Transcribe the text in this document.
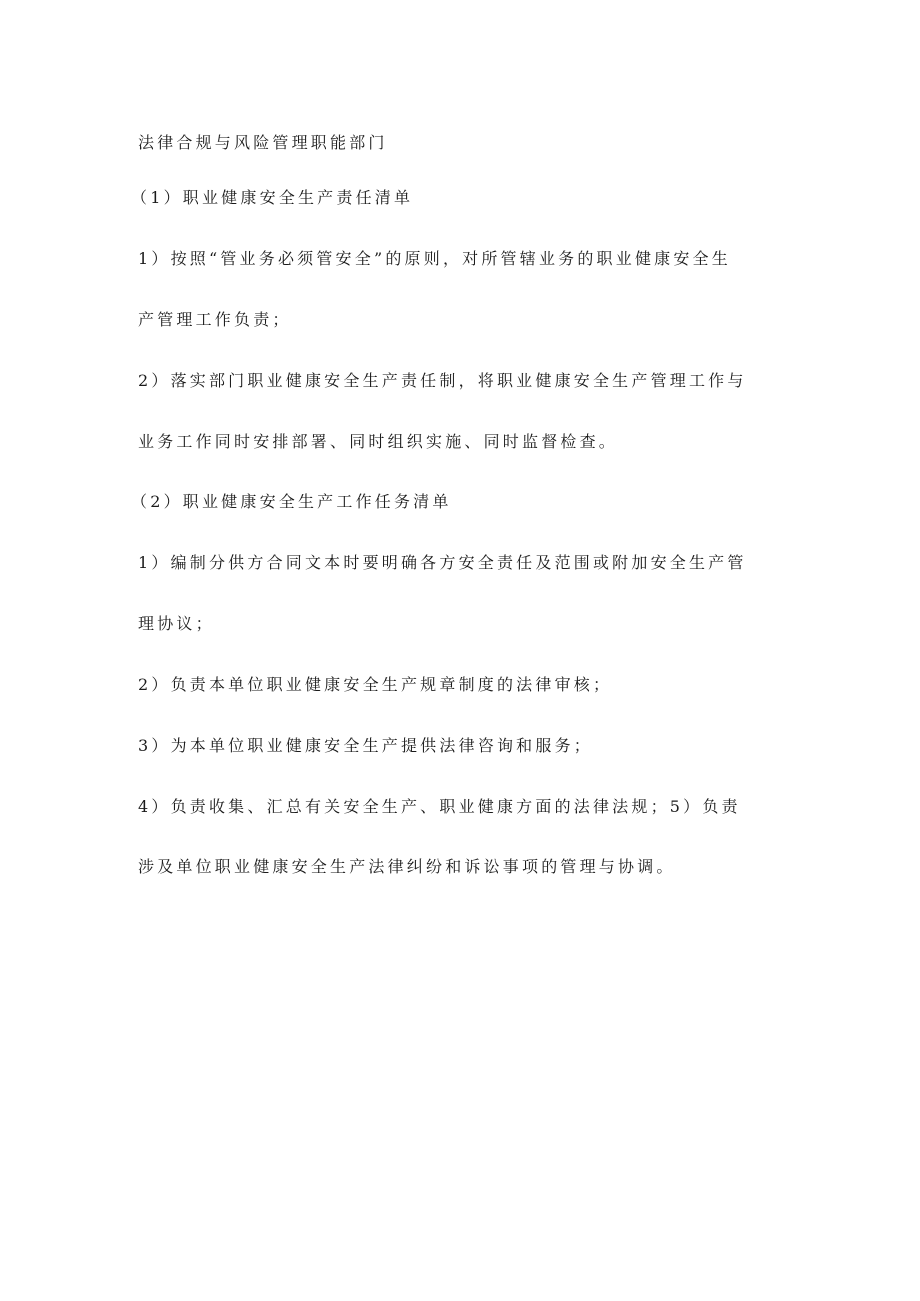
法律合规与风险管理职能部门
（1）职业健康安全生产责任清单
1）按照“管业务必须管安全”的原则，对所管辖业务的职业健康安全生
产管理工作负责；
2）落实部门职业健康安全生产责任制，将职业健康安全生产管理工作与
业务工作同时安排部署、同时组织实施、同时监督检查。
（2）职业健康安全生产工作任务清单
1）编制分供方合同文本时要明确各方安全责任及范围或附加安全生产管
理协议；
2）负责本单位职业健康安全生产规章制度的法律审核；
3）为本单位职业健康安全生产提供法律咨询和服务；
4）负责收集、汇总有关安全生产、职业健康方面的法律法规；5）负责
涉及单位职业健康安全生产法律纠纷和诉讼事项的管理与协调。
